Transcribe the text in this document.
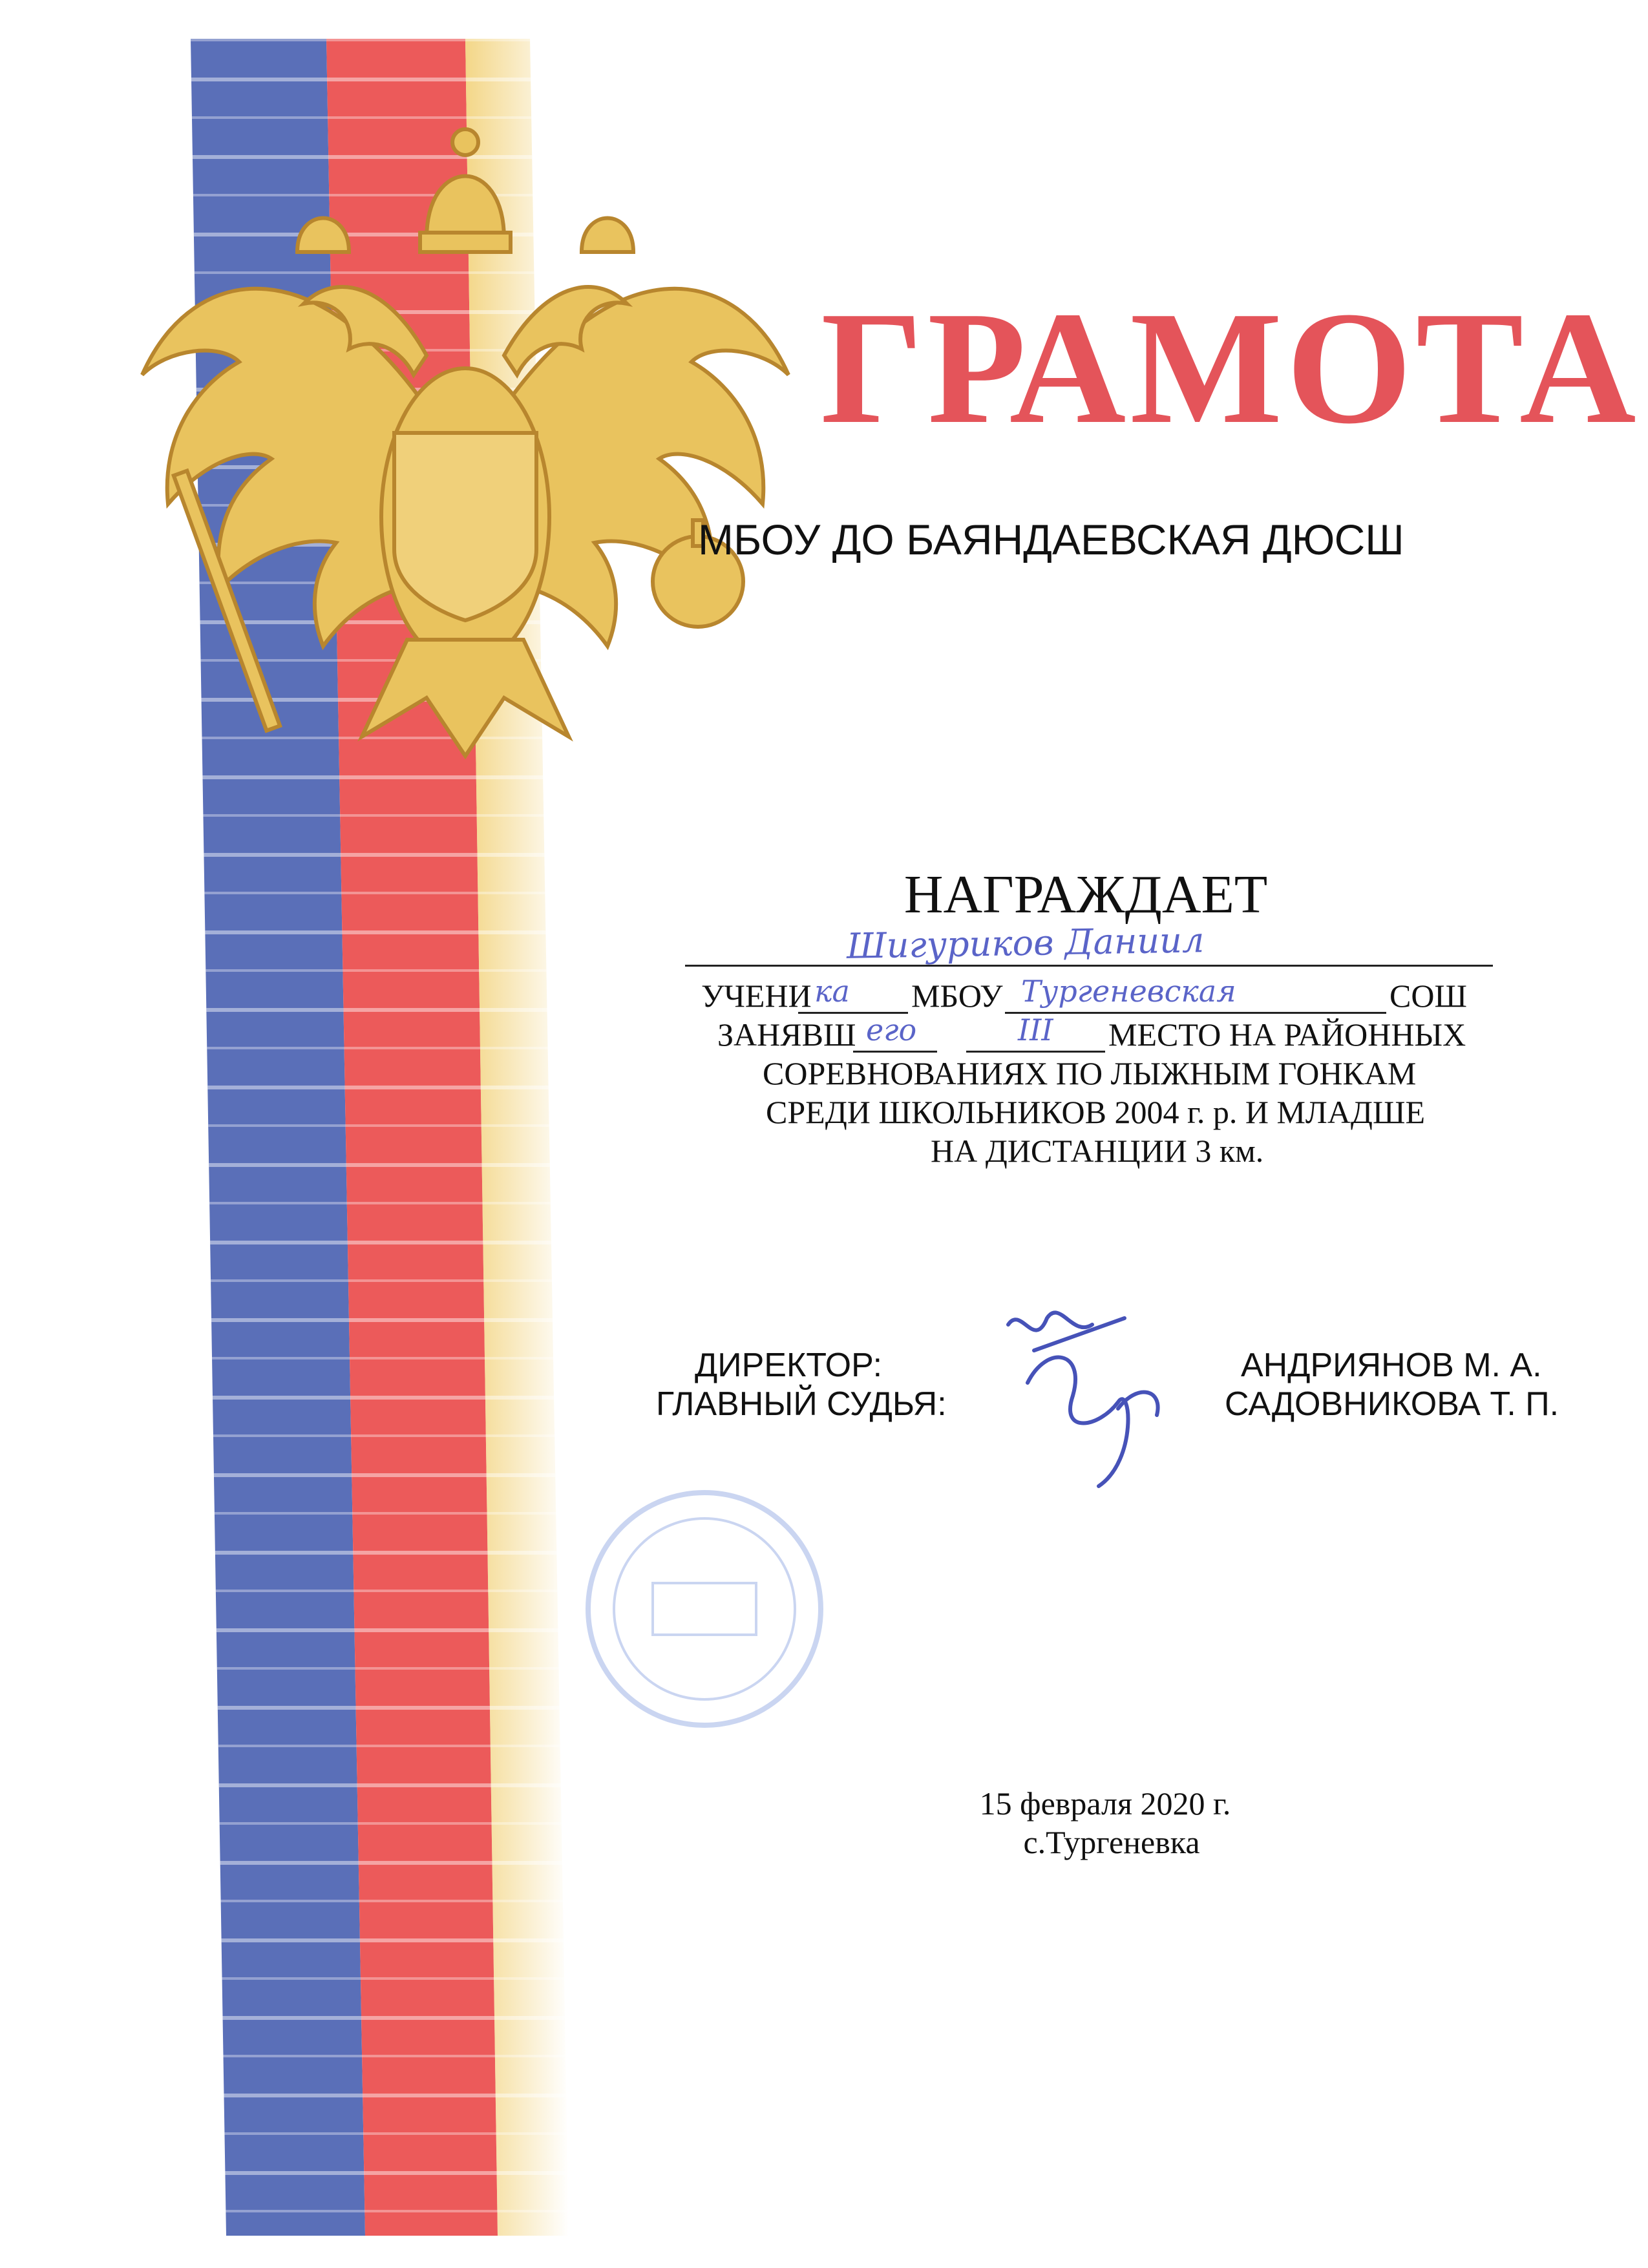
ГРАМОТА
МБОУ ДО БАЯНДАЕВСКАЯ ДЮСШ
НАГРАЖДАЕТ
Шигуриков Даниил
УЧЕНИ ка МБОУ Тургеневская	СОШ
ЗАНЯВШ его	III МЕСТО НА РАЙОННЫХ
СОРЕВНОВАНИЯХ ПО ЛЫЖНЫМ ГОНКАМ
СРЕДИ ШКОЛЬНИКОВ 2004 г. р. И МЛАДШЕ
НА ДИСТАНЦИИ 3 км.
ДИРЕКТОР:
ГЛАВНЫЙ СУДЬЯ:
АНДРИЯНОВ М. А.
САДОВНИКОВА Т. П.
15 февраля 2020 г.
с.Тургеневка
